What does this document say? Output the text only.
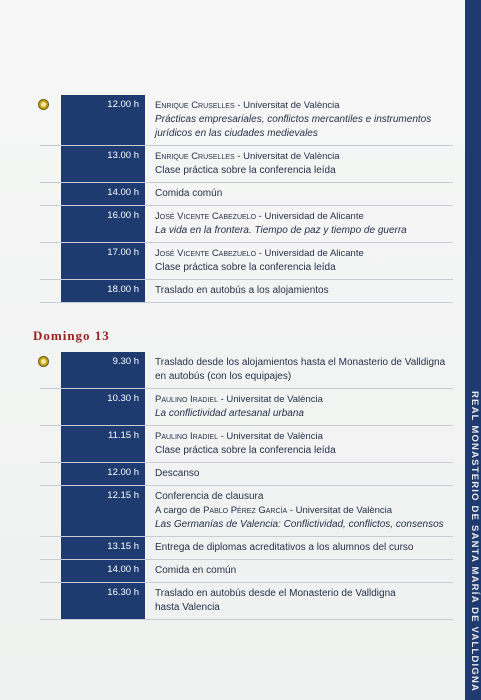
REAL MONASTERIO DE SANTA MARÍA DE VALLDIGNA
12.00 h	Enrique Cruselles - Universitat de València
Prácticas empresariales, conflictos mercantiles e instrumentos jurídicos en las ciudades medievales
13.00 h	Enrique Cruselles - Universitat de València
Clase práctica sobre la conferencia leída
14.00 h	Comida común
16.00 h	José Vicente Cabezuelo - Universidad de Alicante
La vida en la frontera. Tiempo de paz y tiempo de guerra
17.00 h	José Vicente Cabezuelo - Universidad de Alicante
Clase práctica sobre la conferencia leída
18.00 h	Traslado en autobús a los alojamientos
Domingo 13
9.30 h	Traslado desde los alojamientos hasta el Monasterio de Valldigna
en autobús (con los equipajes)
10.30 h	Paulino Iradiel - Universitat de València
La conflictividad artesanal urbana
11.15 h	Paulino Iradiel - Universitat de València
Clase práctica sobre la conferencia leída
12.00 h	Descanso
12.15 h	Conferencia de clausura
A cargo de Pablo Pérez García - Universitat de València
Las Germanías de Valencia: Conflictividad, conflictos, consensos
13.15 h	Entrega de diplomas acreditativos a los alumnos del curso
14.00 h	Comida en común
16.30 h	Traslado en autobús desde el Monasterio de Valldigna
hasta Valencia
